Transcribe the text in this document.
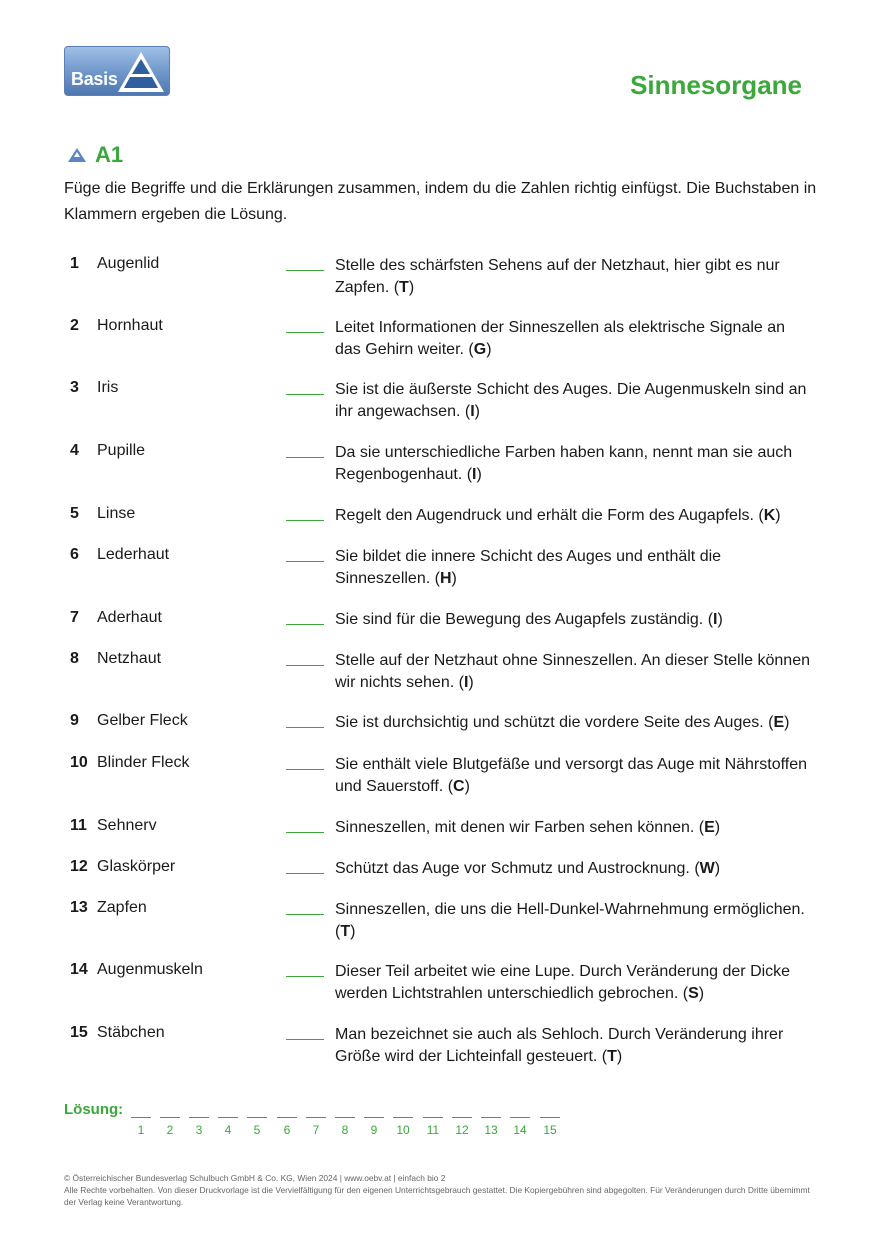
Basis	Sinnesorgane
A1
Füge die Begriffe und die Erklärungen zusammen, indem du die Zahlen richtig einfügst. Die Buchstaben in Klammern ergeben die Lösung.
1 Augenlid	Stelle des schärfsten Sehens auf der Netzhaut, hier gibt es nur Zapfen. (T)
2 Hornhaut	Leitet Informationen der Sinneszellen als elektrische Signale an das Gehirn weiter. (G)
3 Iris	Sie ist die äußerste Schicht des Auges. Die Augenmuskeln sind an ihr angewachsen. (I)
4 Pupille	Da sie unterschiedliche Farben haben kann, nennt man sie auch Regenbogenhaut. (I)
5 Linse	Regelt den Augendruck und erhält die Form des Augapfels. (K)
6 Lederhaut	Sie bildet die innere Schicht des Auges und enthält die Sinneszellen. (H)
7 Aderhaut	Sie sind für die Bewegung des Augapfels zuständig. (I)
8 Netzhaut	Stelle auf der Netzhaut ohne Sinneszellen. An dieser Stelle können wir nichts sehen. (I)
9 Gelber Fleck	Sie ist durchsichtig und schützt die vordere Seite des Auges. (E)
10 Blinder Fleck	Sie enthält viele Blutgefäße und versorgt das Auge mit Nährstoffen und Sauerstoff. (C)
11 Sehnerv	Sinneszellen, mit denen wir Farben sehen können. (E)
12 Glaskörper	Schützt das Auge vor Schmutz und Austrocknung. (W)
13 Zapfen	Sinneszellen, die uns die Hell-Dunkel-Wahrnehmung ermöglichen. (T)
14 Augenmuskeln	Dieser Teil arbeitet wie eine Lupe. Durch Veränderung der Dicke werden Lichtstrahlen unterschiedlich gebrochen. (S)
15 Stäbchen	Man bezeichnet sie auch als Sehloch. Durch Veränderung ihrer Größe wird der Lichteinfall gesteuert. (T)
Lösung:
1	2	3	4	5	6	7	8	9	10	11	12 13 14 15
© Österreichischer Bundesverlag Schulbuch GmbH & Co. KG, Wien 2024 | www.oebv.at | einfach bio 2
Alle Rechte vorbehalten. Von dieser Druckvorlage ist die Vervielfältigung für den eigenen Unterrichtsgebrauch gestattet. Die Kopiergebühren sind abgegolten. Für Veränderungen durch Dritte übernimmt der Verlag keine Verantwortung.
